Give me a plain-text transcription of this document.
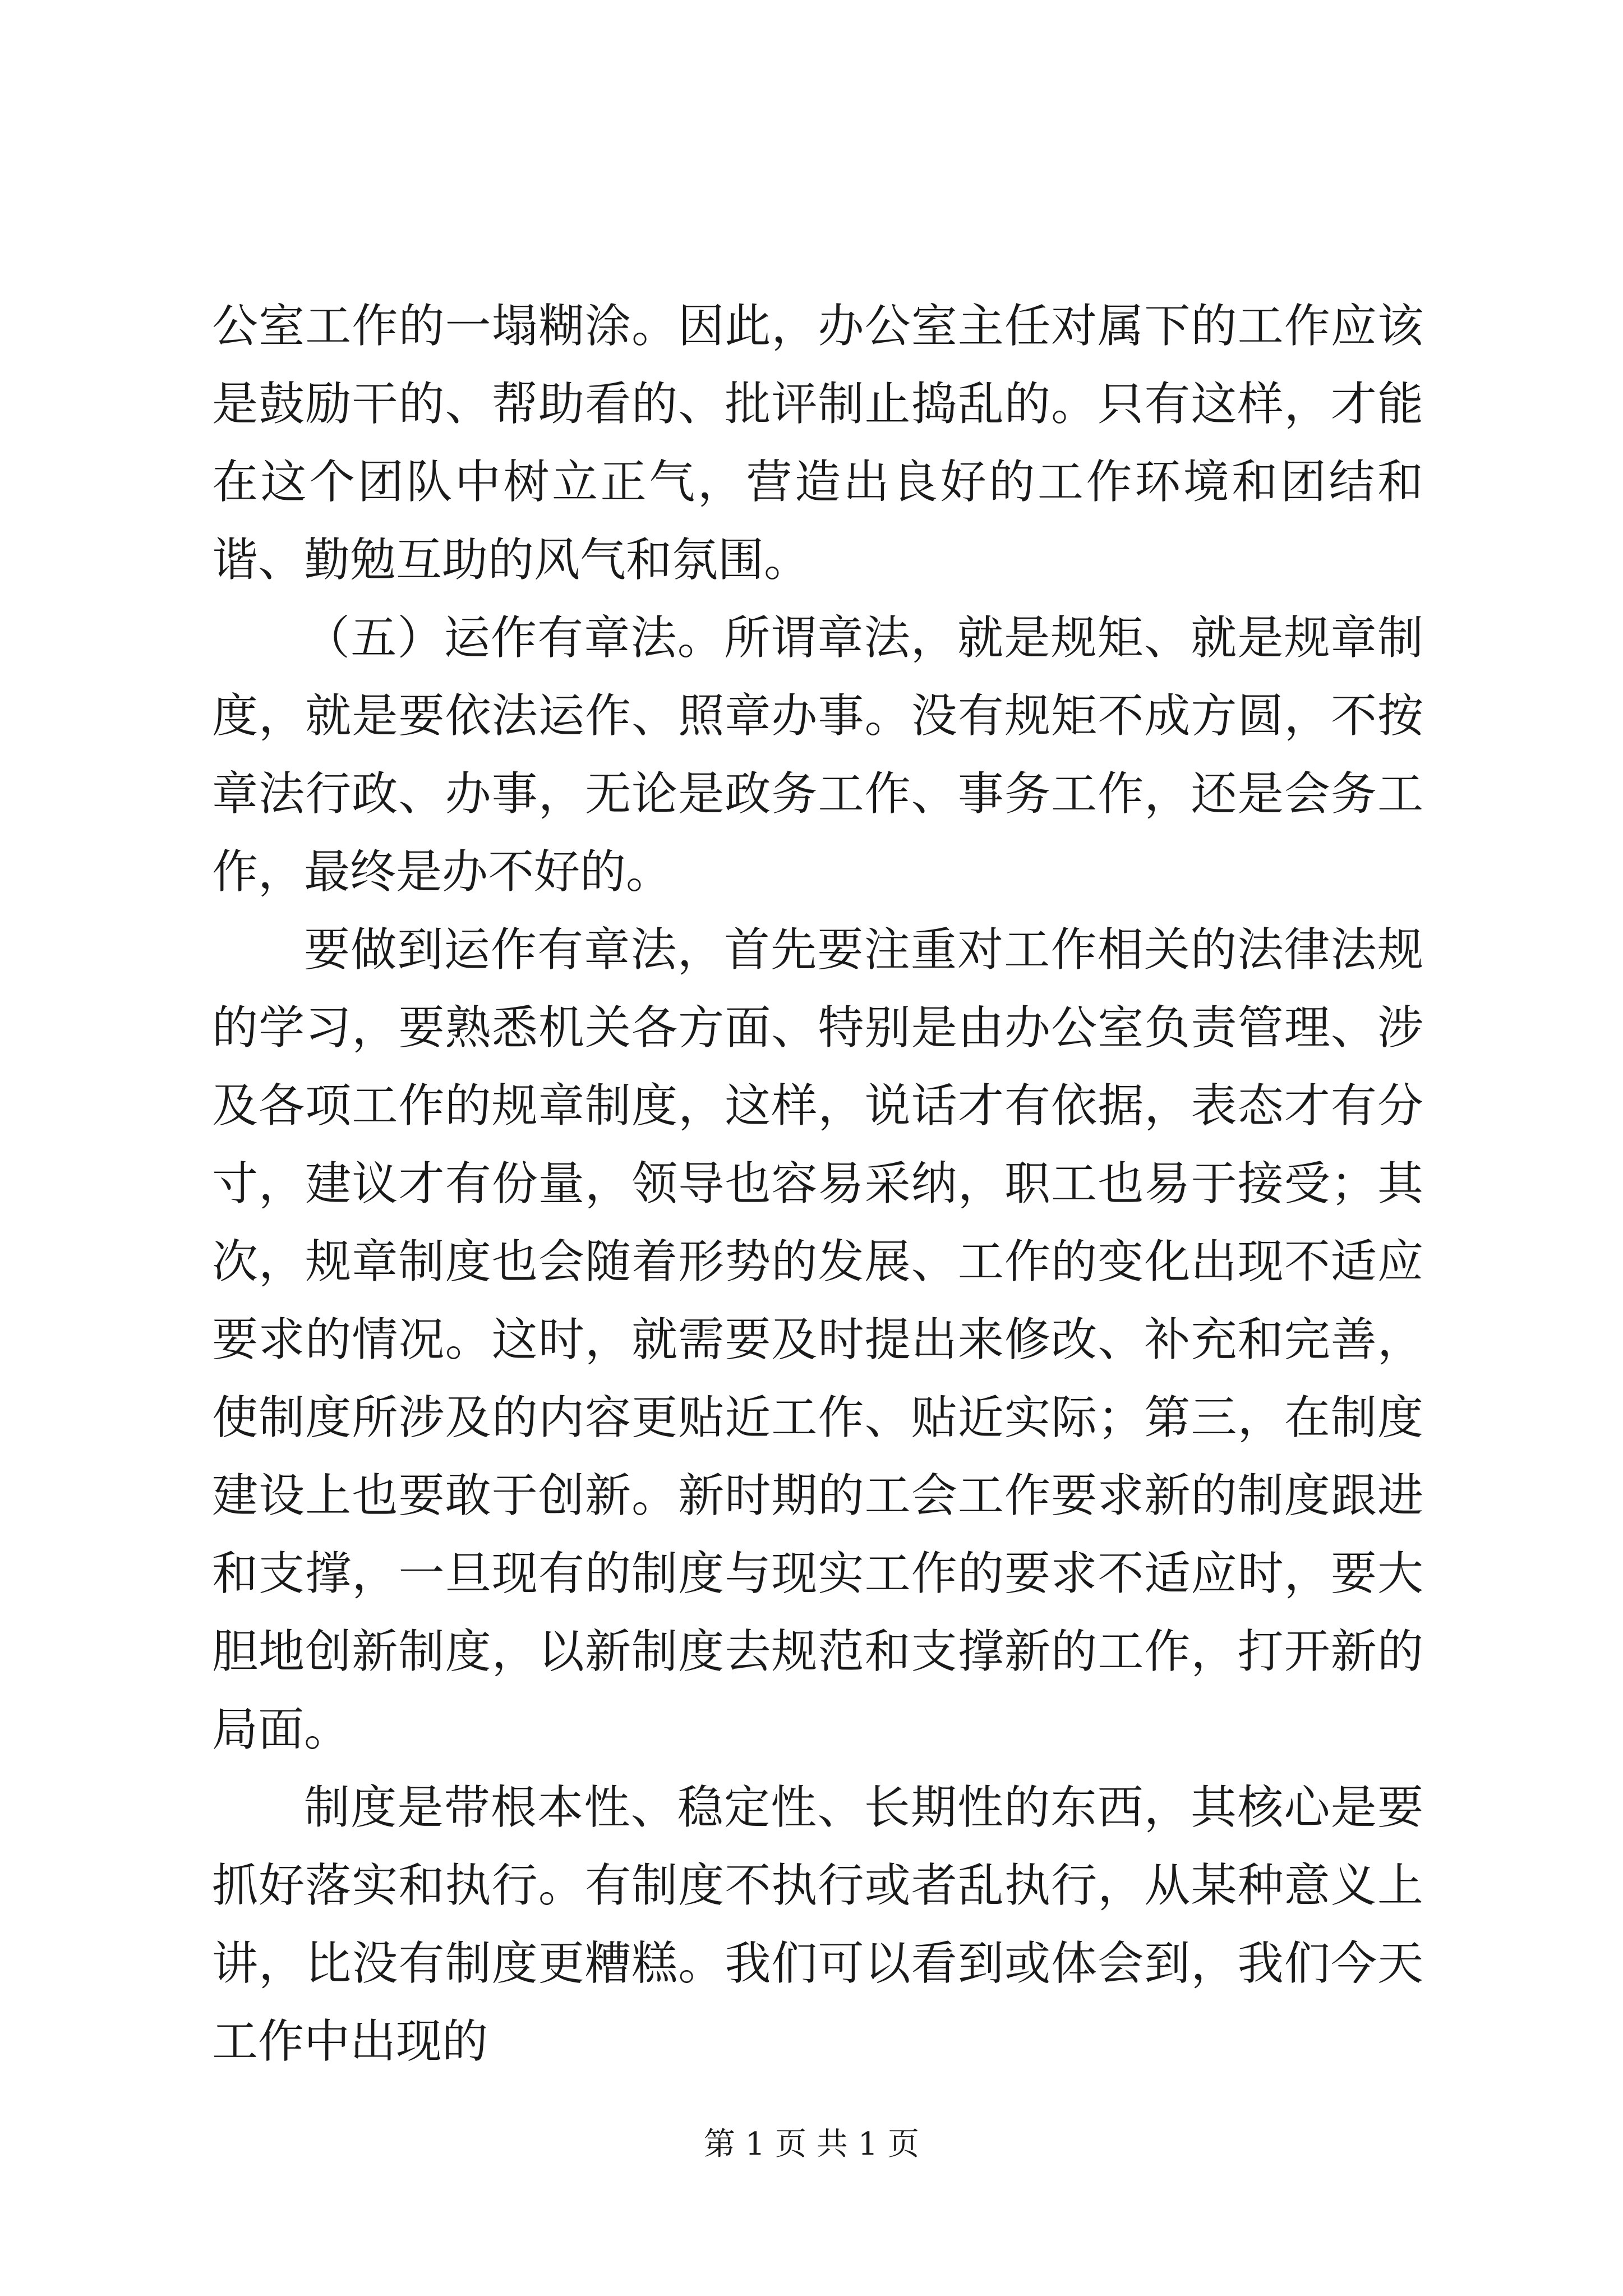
公室工作的一塌糊涂。因此，办公室主任对属下的工作应该是鼓励干的、帮助看的、批评制止捣乱的。只有这样，才能在这个团队中树立正气，营造出良好的工作环境和团结和谐、勤勉互助的风气和氛围。

（五）运作有章法。所谓章法，就是规矩、就是规章制度，就是要依法运作、照章办事。没有规矩不成方圆，不按章法行政、办事，无论是政务工作、事务工作，还是会务工作，最终是办不好的。

要做到运作有章法，首先要注重对工作相关的法律法规的学习，要熟悉机关各方面、特别是由办公室负责管理、涉及各项工作的规章制度，这样，说话才有依据，表态才有分寸，建议才有份量，领导也容易采纳，职工也易于接受；其次，规章制度也会随着形势的发展、工作的变化出现不适应要求的情况。这时，就需要及时提出来修改、补充和完善，使制度所涉及的内容更贴近工作、贴近实际；第三，在制度建设上也要敢于创新。新时期的工会工作要求新的制度跟进和支撑，一旦现有的制度与现实工作的要求不适应时，要大胆地创新制度，以新制度去规范和支撑新的工作，打开新的局面。

制度是带根本性、稳定性、长期性的东西，其核心是要抓好落实和执行。有制度不执行或者乱执行，从某种意义上讲，比没有制度更糟糕。我们可以看到或体会到，我们今天工作中出现的

第 1 页 共 1 页
